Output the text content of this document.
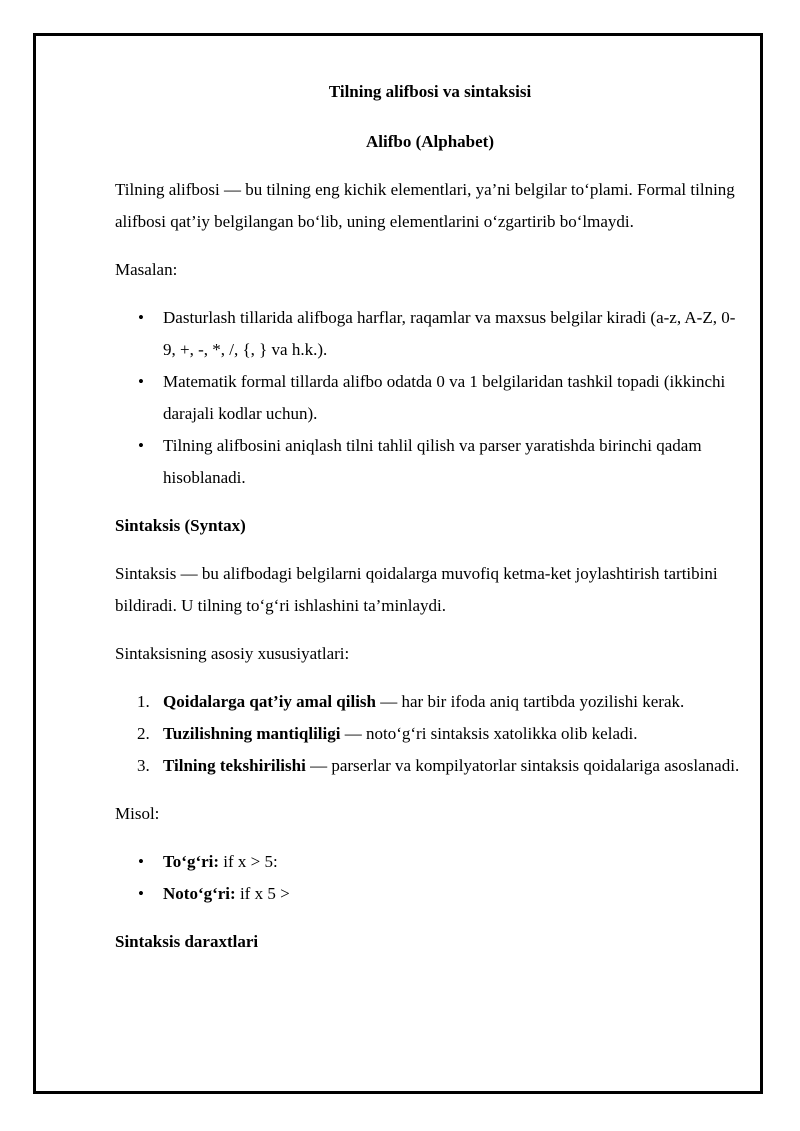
Tilning alifbosi va sintaksisi

Alifbo (Alphabet)

Tilning alifbosi — bu tilning eng kichik elementlari, ya’ni belgilar to‘plami. Formal tilning alifbosi qat’iy belgilangan bo‘lib, uning elementlarini o‘zgartirib bo‘lmaydi.

Masalan:

• Dasturlash tillarida alifboga harflar, raqamlar va maxsus belgilar kiradi (a-z, A-Z, 0-9, +, -, *, /, {, } va h.k.).
• Matematik formal tillarda alifbo odatda 0 va 1 belgilaridan tashkil topadi (ikkinchi darajali kodlar uchun).
• Tilning alifbosini aniqlash tilni tahlil qilish va parser yaratishda birinchi qadam hisoblanadi.

Sintaksis (Syntax)

Sintaksis — bu alifbodagi belgilarni qoidalarga muvofiq ketma-ket joylashtirish tartibini bildiradi. U tilning to‘g‘ri ishlashini ta’minlaydi.

Sintaksisning asosiy xususiyatlari:

1. Qoidalarga qat’iy amal qilish — har bir ifoda aniq tartibda yozilishi kerak.
2. Tuzilishning mantiqliligi — noto‘g‘ri sintaksis xatolikka olib keladi.
3. Tilning tekshirilishi — parserlar va kompilyatorlar sintaksis qoidalariga asoslanadi.

Misol:

• To‘g‘ri: if x > 5:
• Noto‘g‘ri: if x 5 >

Sintaksis daraxtlari
